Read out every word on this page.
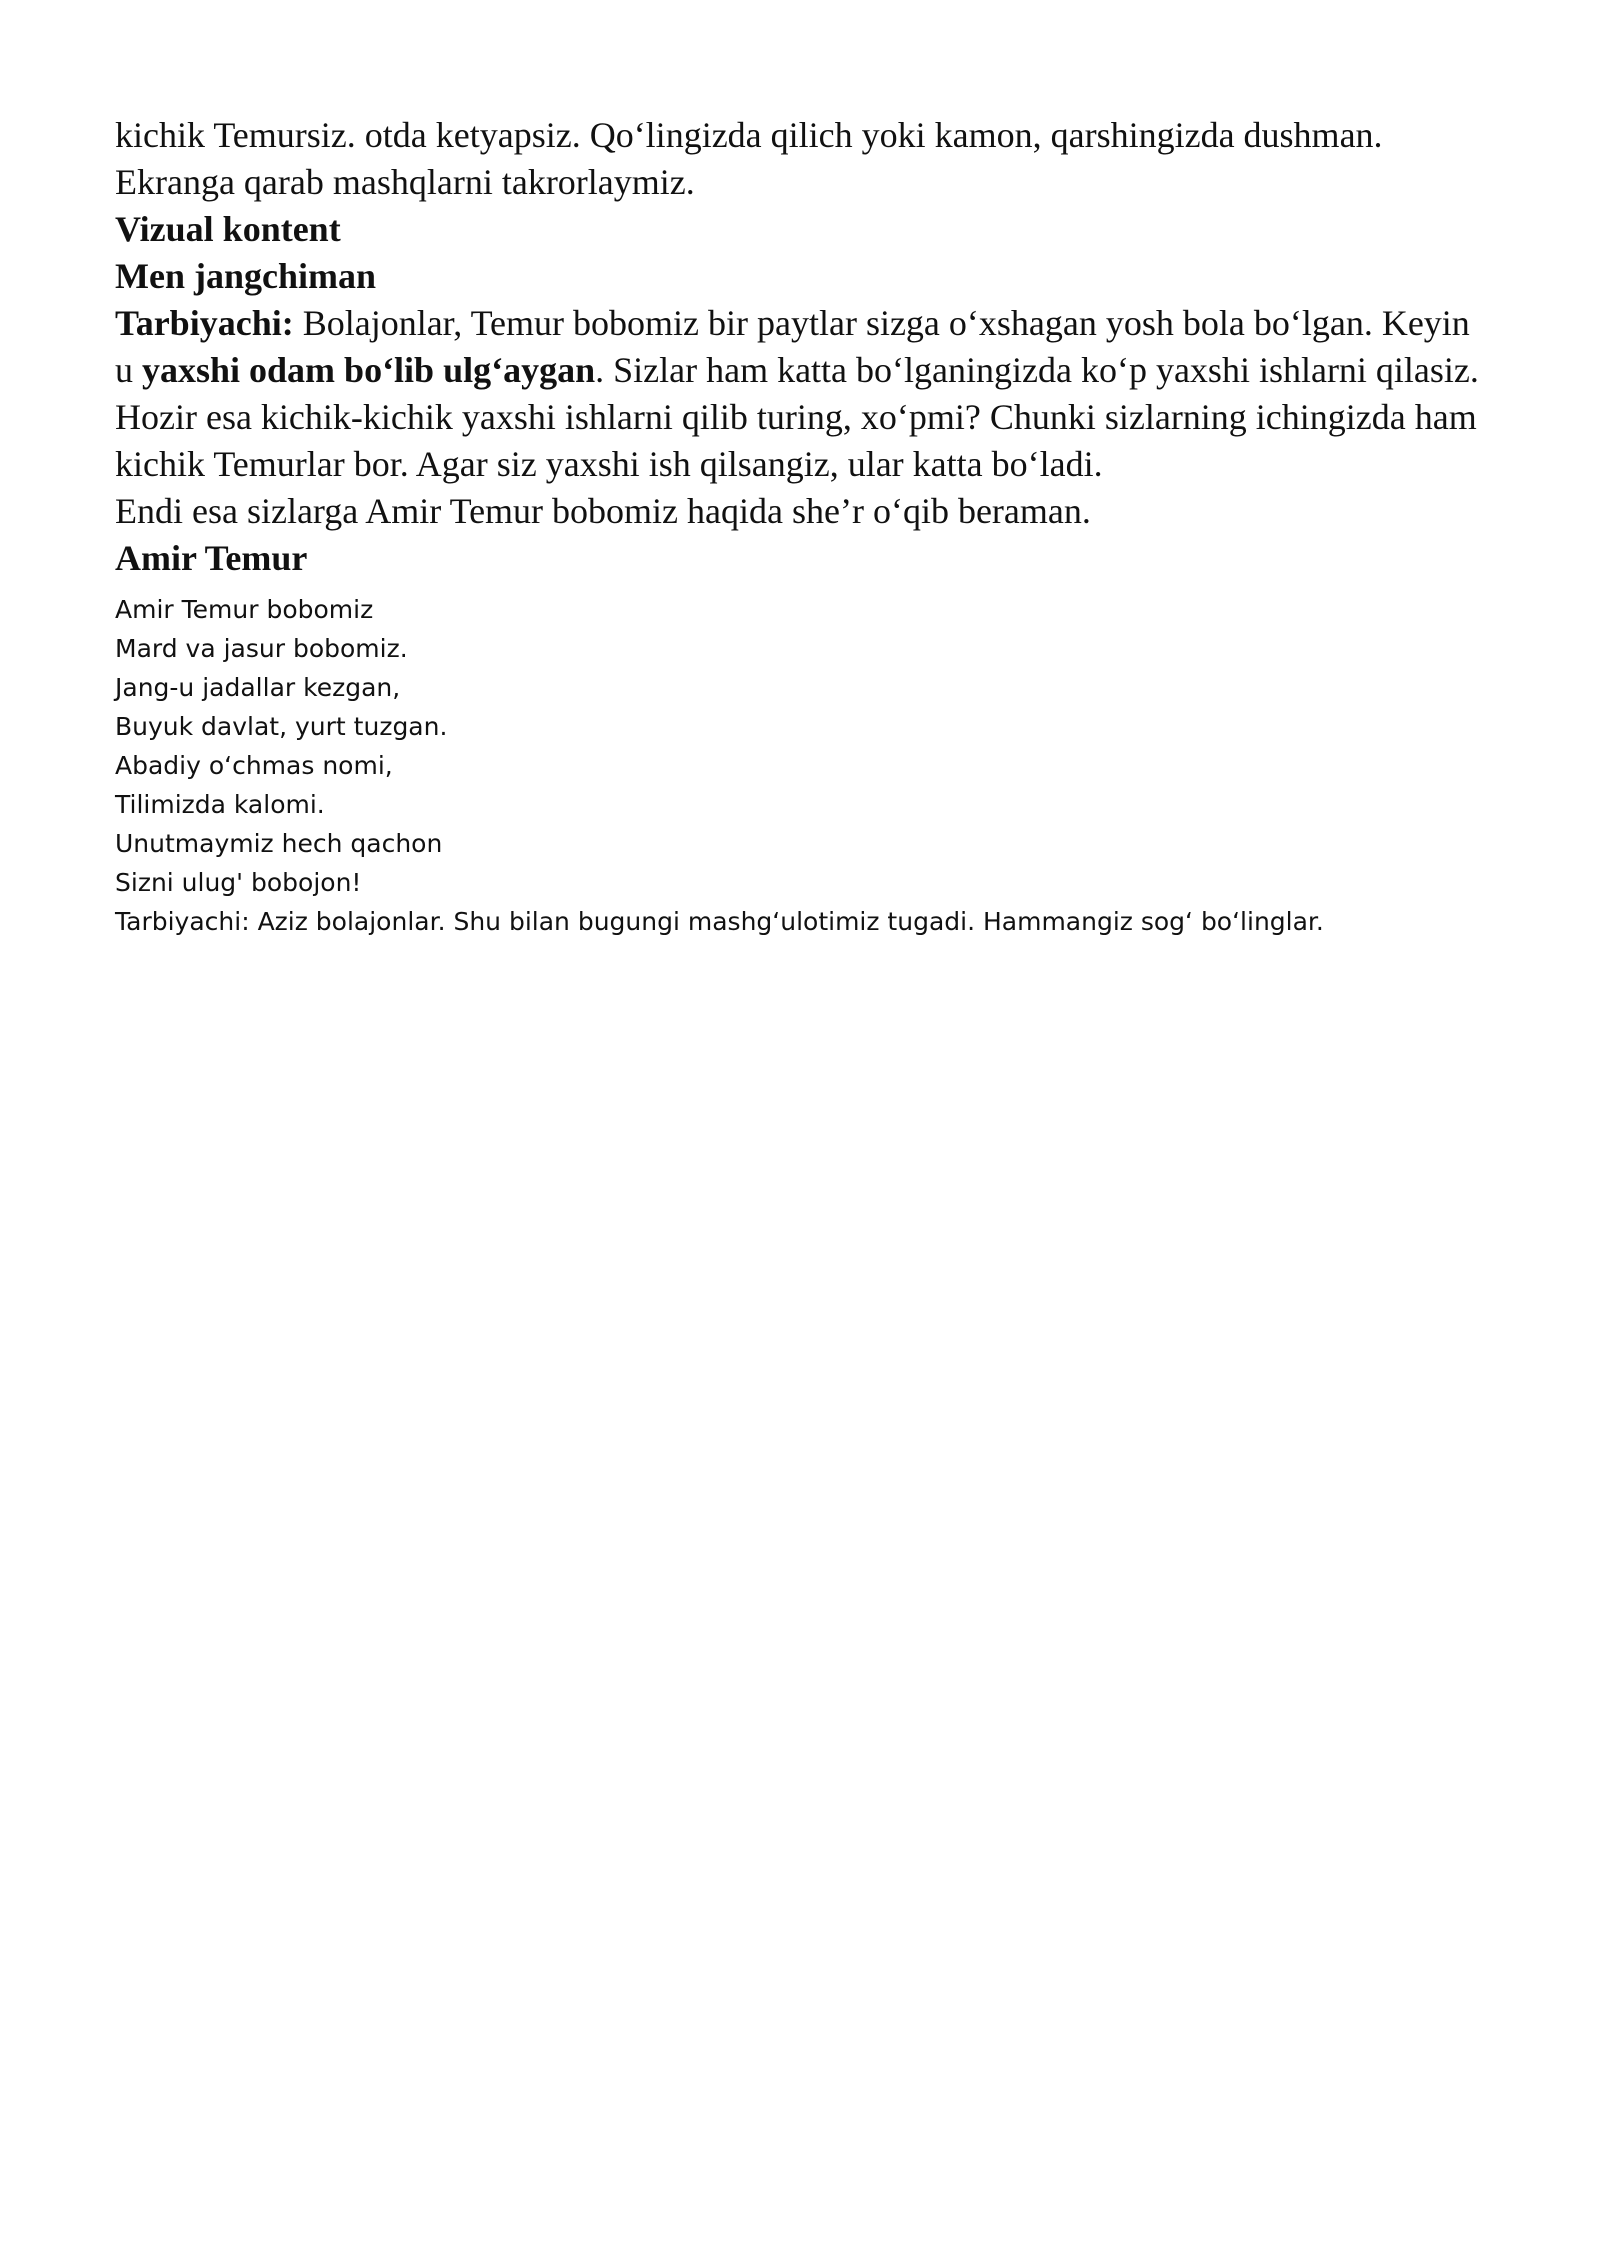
kichik Temursiz. otda ketyapsiz. Qo‘lingizda qilich yoki kamon, qarshingizda dushman.

Ekranga qarab mashqlarni takrorlaymiz.

Vizual kontent

Men jangchiman

Tarbiyachi: Bolajonlar, Temur bobomiz bir paytlar sizga o‘xshagan yosh bola bo‘lgan. Keyin u yaxshi odam bo‘lib ulg‘aygan. Sizlar ham katta bo‘lganingizda ko‘p yaxshi ishlarni qilasiz. Hozir esa kichik-kichik yaxshi ishlarni qilib turing, xo‘pmi? Chunki sizlarning ichingizda ham kichik Temurlar bor. Agar siz yaxshi ish qilsangiz, ular katta bo‘ladi.

Endi esa sizlarga Amir Temur bobomiz haqida she’r o‘qib beraman.

Amir Temur

Amir Temur bobomiz

Mard va jasur bobomiz.

Jang-u jadallar kezgan,

Buyuk davlat, yurt tuzgan.

Abadiy o‘chmas nomi,

Tilimizda kalomi.

Unutmaymiz hech qachon

Sizni ulug' bobojon!

Tarbiyachi: Aziz bolajonlar. Shu bilan bugungi mashg‘ulotimiz tugadi. Hammangiz sog‘ bo‘linglar.
